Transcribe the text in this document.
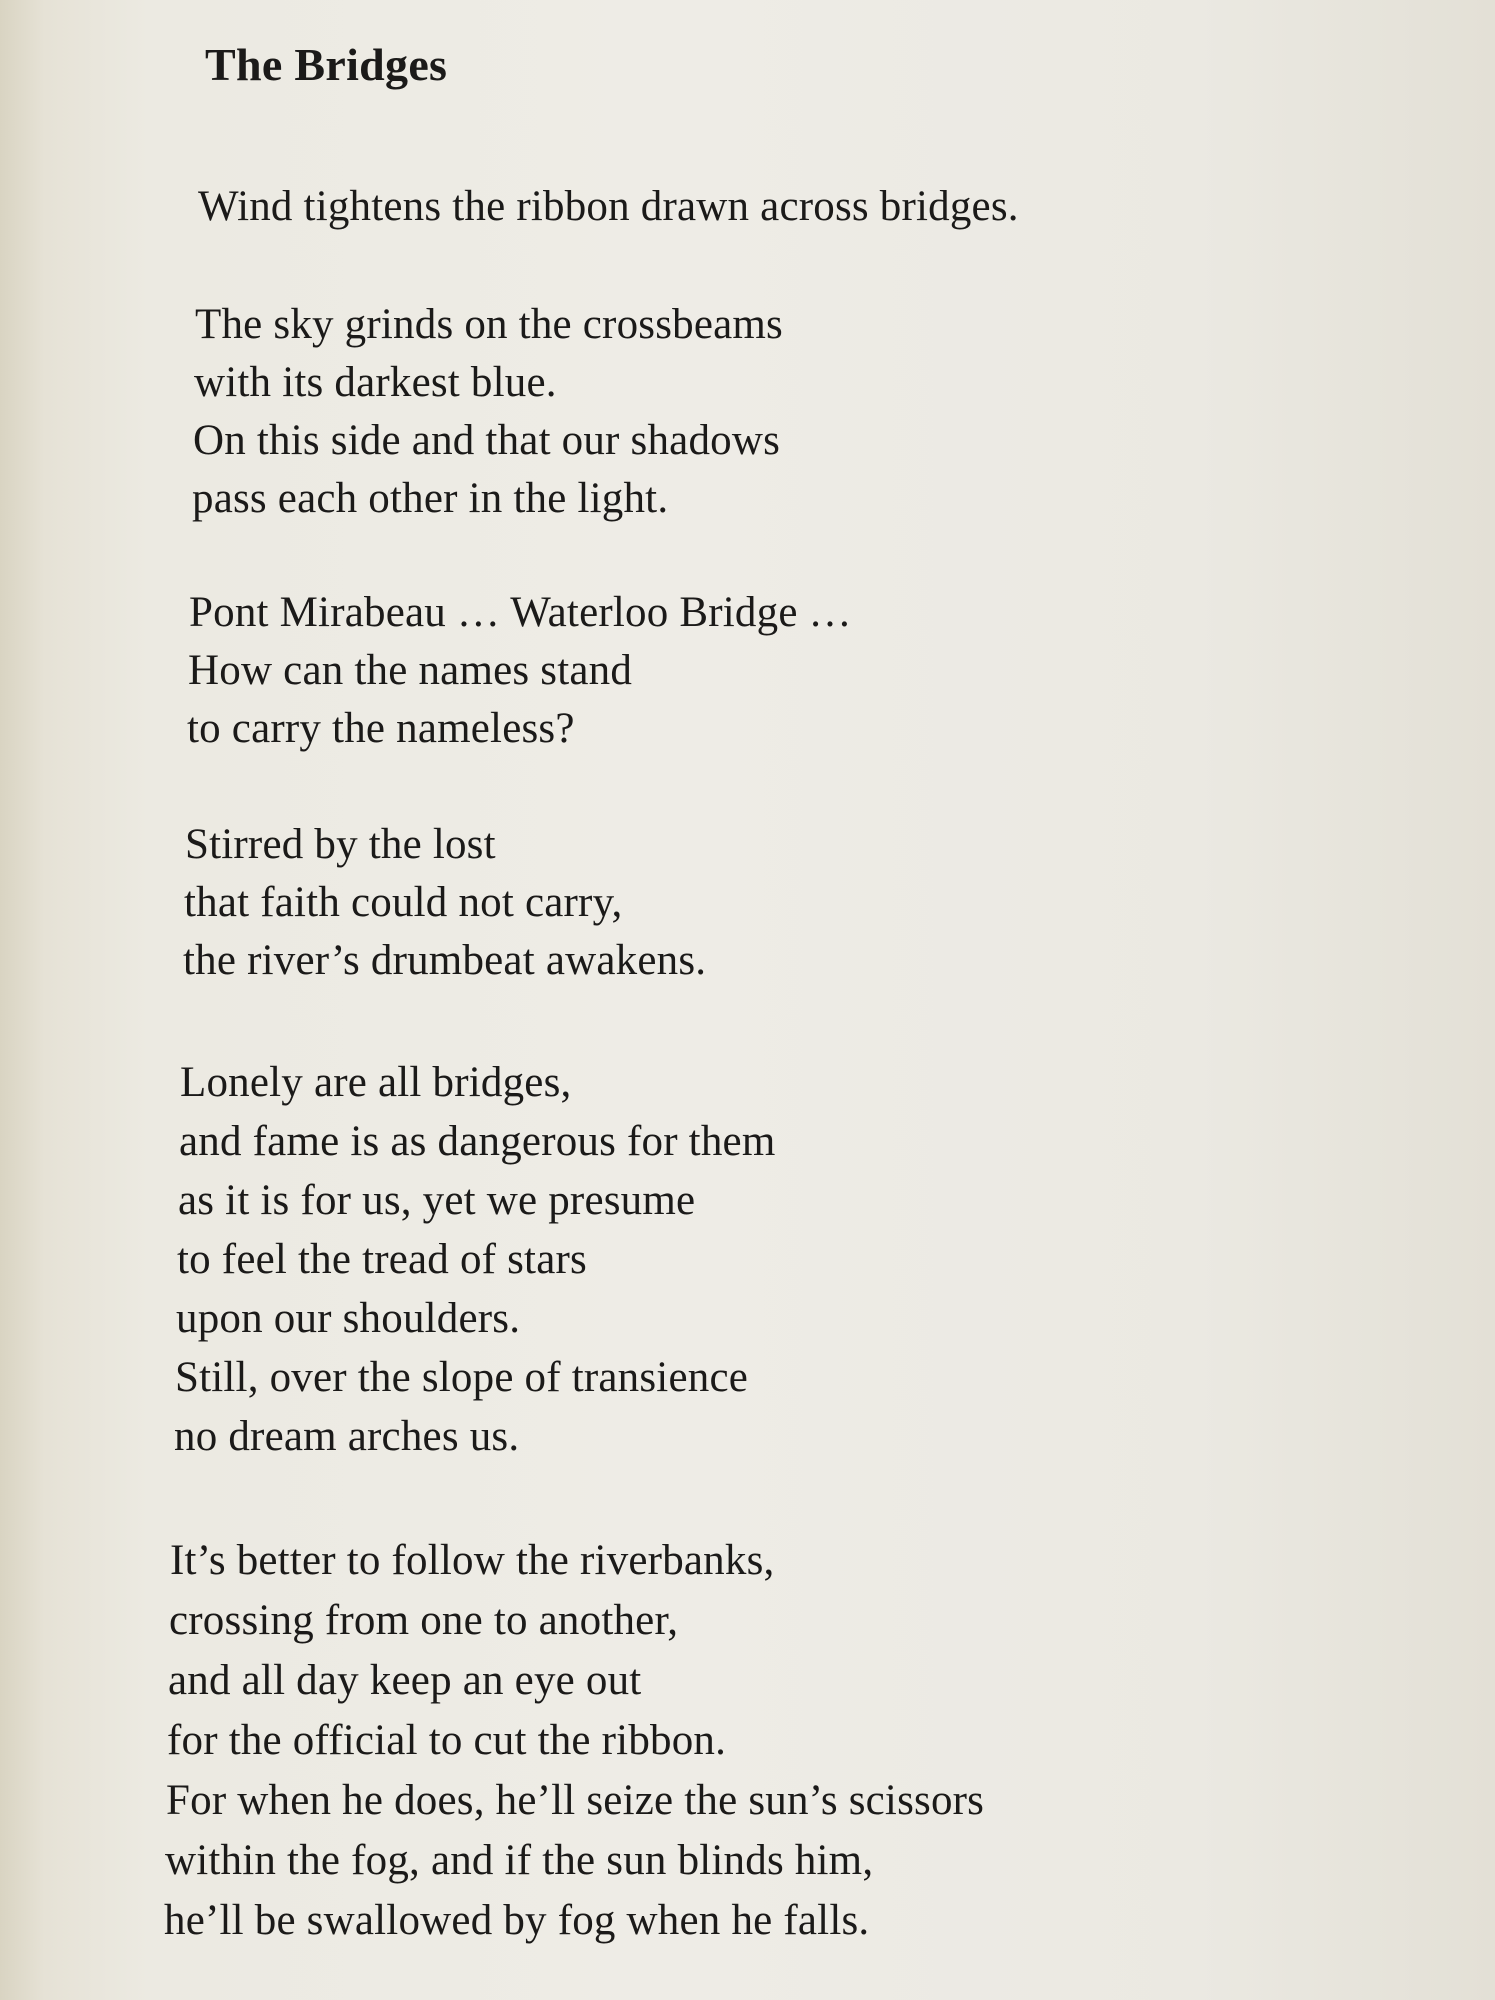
The Bridges
Wind tightens the ribbon drawn across bridges.
The sky grinds on the crossbeams
with its darkest blue.
On this side and that our shadows
pass each other in the light.
Pont Mirabeau … Waterloo Bridge …
How can the names stand
to carry the nameless?
Stirred by the lost
that faith could not carry,
the river’s drumbeat awakens.
Lonely are all bridges,
and fame is as dangerous for them
as it is for us, yet we presume
to feel the tread of stars
upon our shoulders.
Still, over the slope of transience
no dream arches us.
It’s better to follow the riverbanks,
crossing from one to another,
and all day keep an eye out
for the official to cut the ribbon.
For when he does, he’ll seize the sun’s scissors
within the fog, and if the sun blinds him,
he’ll be swallowed by fog when he falls.
